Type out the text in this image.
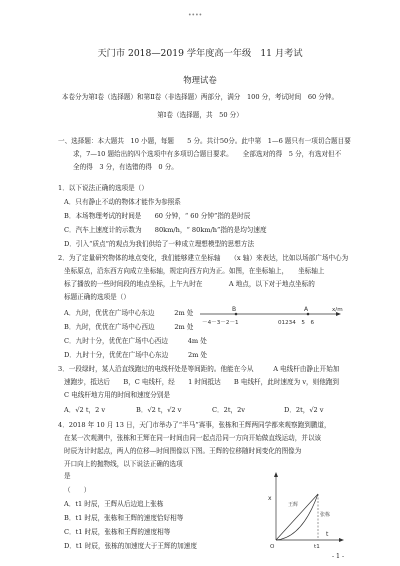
••••
天门市 2018—2019 学年度高一年级　11 月考试
物理试卷
本卷分为第Ⅰ卷（选择题）和第Ⅱ卷（非选择题）两部分，满分　100 分，考试时间　60 分钟。
第Ⅰ卷（选择题，共　50 分）
一、选择题：本大题共　10 小题，每题　　5 分。共计50分。此中第　1—6 题只有一项切合题目要
求，7—10 题给出的四个选项中有多项切合题目要求。　　全部选对的得　5 分，有选对但不
全的得　3 分，有选错的得　0 分。
1．以下说法正确的选项是（）
A．只有静止不动的物体才能作为参照系
B．本场物理考试的时间是　　60 分钟，“ 60 分钟”指的是时辰
C．汽车上速度计的示数为　　80km/h，“ 80km/h”指的是均匀速度
D．引入“质点”的观点为我们供给了一种成立理想模型的思想方法
2．为了定量研究物体的地点变化，我们能够建立坐标轴　　（x 轴）来表达，比如以场部广场中心为
坐标原点，沿东西方向成立坐标轴，规定向西方向为正。如图，在坐标轴上，　　坐标轴上
标了播放的一些时间段的地点坐标，上午九时在　　　　A 地点，以下对于地点坐标的
标题正确的选项是（）
A．九时，优优在广场中心东边　　　2m 处
B．九时，优优在广场中心西边　　　2m 处
C．九时十分，优优在广场中心西边　　　4m 处
D．九时十分，优优在广场中心东边　　　2m 处
B	A
－4－3－2－1	01234　5　6
x/m
3．一段绿时，某人沿直线跑过的电线杆处是等间距的。他能在今从　　　A 电线杆由静止开始加
速跑步，抵达后　　B，C 电线杆，经　　1 时间抵达　　B 电线杆，此时速度为 v，则他跑到
C 电线杆地方用的时间和速度分别是
A．√2 t，2 v	B．√2 t，√2 v	C．2t，2v	D．2t，√2 v
4．2018 年 10 月 13 日，天门市举办了“半马”赛事，张栋和王辉两同学都来观察跑到鹏道，
在某一次观测中，张栋和王辉在同一时间由同一起点沿同一方向开始做直线运动，并以该
时辰为计时起点，两人的位移—时间图像以下图。王辉的位移随时间变化的图像为
开口向上的抛物线，以下说法正确的选项
是
（　　）
A．t1 时辰，王辉从后边追上张栋
B．t1 时辰，张栋和王辉的速度恰好相等
C．t1 时辰，张栋和王辉的速度相等
D．t1 时辰，张栋的加速度大于王辉的加速度
x
t
O	t1
王辉
张栋
- 1 -
